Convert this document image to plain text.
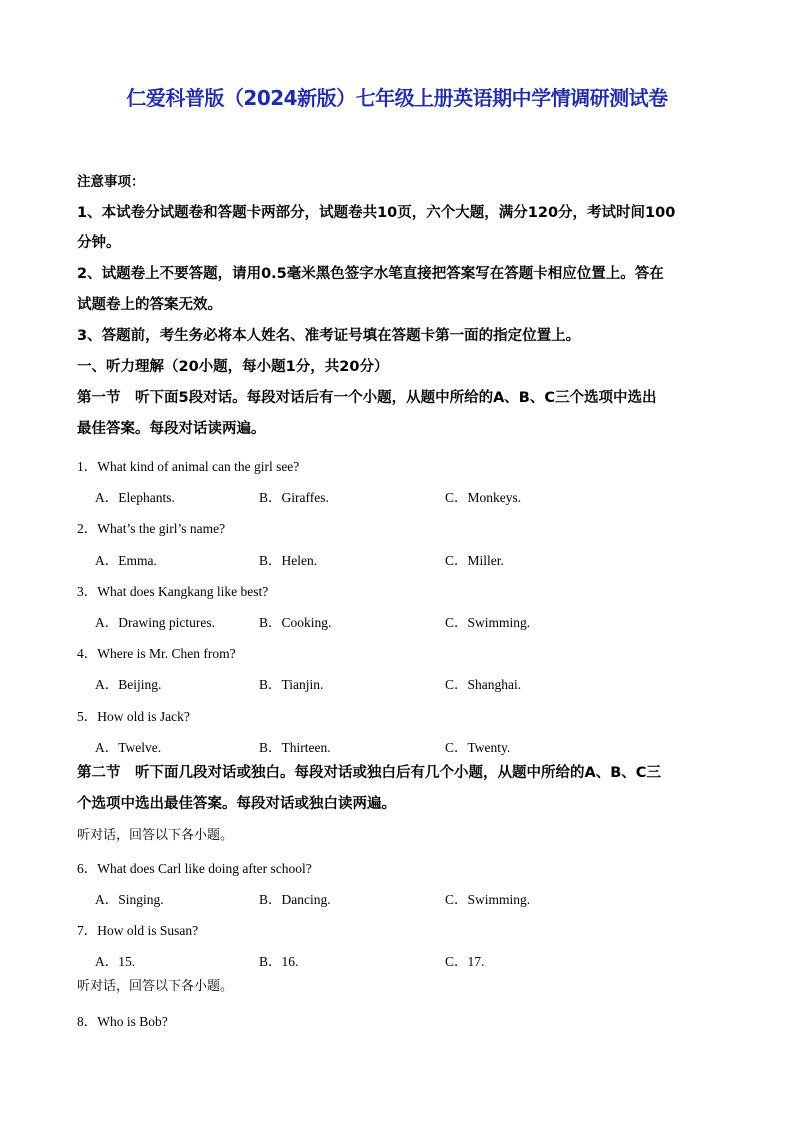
仁爱科普版（2024新版）七年级上册英语期中学情调研测试卷
注意事项：
1、本试卷分试题卷和答题卡两部分，试题卷共10页，六个大题，满分120分，考试时间100
分钟。
2、试题卷上不要答题，请用0.5毫米黑色签字水笔直接把答案写在答题卡相应位置上。答在
试题卷上的答案无效。
3、答题前，考生务必将本人姓名、准考证号填在答题卡第一面的指定位置上。
一、听力理解（20小题，每小题1分，共20分）
第一节　听下面5段对话。每段对话后有一个小题，从题中所给的A、B、C三个选项中选出
最佳答案。每段对话读两遍。
1．What kind of animal can the girl see?
A．Elephants.	B．Giraffes.	C．Monkeys.
2．What’s the girl’s name?
A．Emma.	B．Helen.	C．Miller.
3．What does Kangkang like best?
A．Drawing pictures.	B．Cooking.	C．Swimming.
4．Where is Mr. Chen from?
A．Beijing.	B．Tianjin.	C．Shanghai.
5．How old is Jack?
A．Twelve.	B．Thirteen.	C．Twenty.
第二节　听下面几段对话或独白。每段对话或独白后有几个小题，从题中所给的A、B、C三
个选项中选出最佳答案。每段对话或独白读两遍。
听对话，回答以下各小题。
6．What does Carl like doing after school?
A．Singing.	B．Dancing.	C．Swimming.
7．How old is Susan?
A．15.	B．16.	C．17.
听对话，回答以下各小题。
8．Who is Bob?
